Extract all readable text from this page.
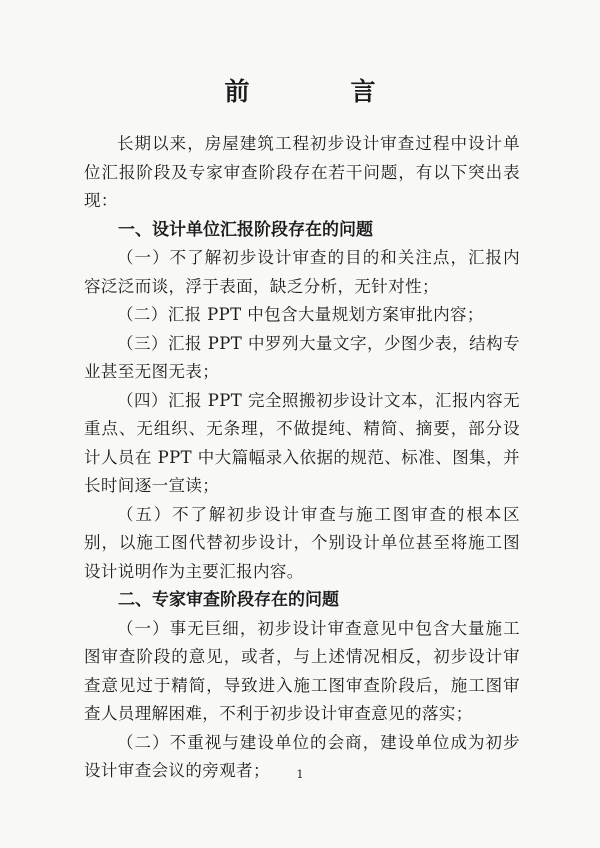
前　言

长期以来，房屋建筑工程初步设计审查过程中设计单位汇报阶段及专家审查阶段存在若干问题，有以下突出表现：

一、设计单位汇报阶段存在的问题

（一）不了解初步设计审查的目的和关注点，汇报内容泛泛而谈，浮于表面，缺乏分析，无针对性；

（二）汇报 PPT 中包含大量规划方案审批内容；

（三）汇报 PPT 中罗列大量文字，少图少表，结构专业甚至无图无表；

（四）汇报 PPT 完全照搬初步设计文本，汇报内容无重点、无组织、无条理，不做提纯、精简、摘要，部分设计人员在 PPT 中大篇幅录入依据的规范、标准、图集，并长时间逐一宣读；

（五）不了解初步设计审查与施工图审查的根本区别，以施工图代替初步设计，个别设计单位甚至将施工图设计说明作为主要汇报内容。

二、专家审查阶段存在的问题

（一）事无巨细，初步设计审查意见中包含大量施工图审查阶段的意见，或者，与上述情况相反，初步设计审查意见过于精简，导致进入施工图审查阶段后，施工图审查人员理解困难，不利于初步设计审查意见的落实；

（二）不重视与建设单位的会商，建设单位成为初步设计审查会议的旁观者；	1
